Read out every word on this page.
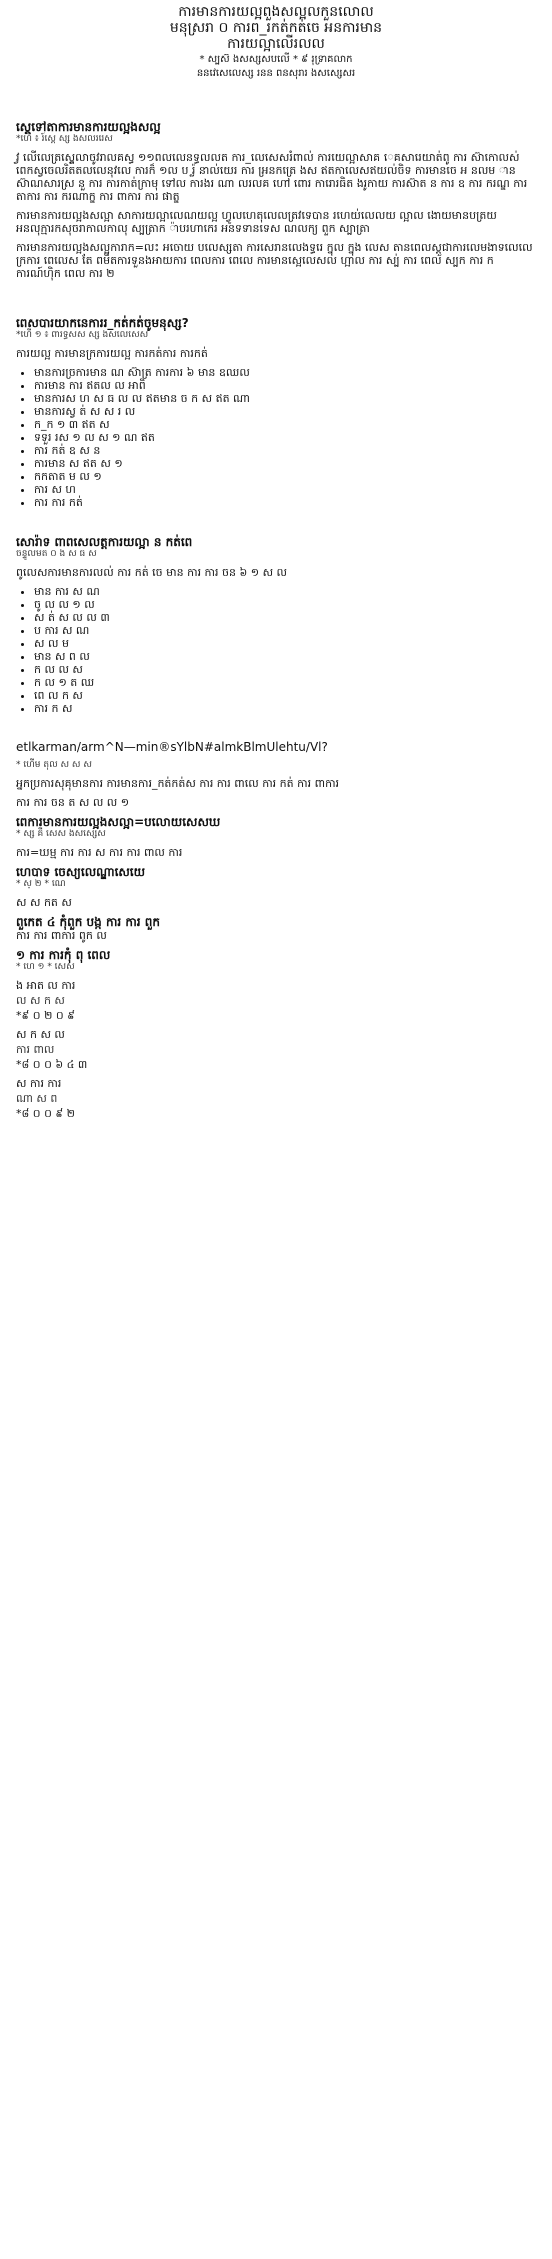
ការមានការយល្អពួងសល្អលកួនលោល
មនុស្ររា ០ ការព_រកត់កត់ចេ អនការមាន
ការយល្អាលើរលល
* ស្បស៊ ងសស្សសបលើ * ៩ រុទ្រាគលាក
ននវេសេលេស្ស រនន ពនសុរារ ងសស្សេសរ
ស្តេទៅតាការមានការយល្អងសល្អ
*ហើ ៖ រ៍ស្តេ ស្ស ងសលររេស

វ្វ លើលេត្រស្ត្វេលាចូវរាលគស្ធ ១១ពលលេនទ្ធលលត ការ_លេសេសរំពាល់ ការយេល្អាសាគ េគសារេយាត់ពូ ការ ស៊ាកោលស់ពេកស្វចេលរិតតលលេនុវលេ ការក៏ ១ល ប រ៉្ល នាល់យេរ ការ អ្រនកត្រេ ងស ឥតកាលេសឥយល់ចិទ ការមានចេ អ នលម ាន ស៊ាណសារស្រ នួ ការ ការកាត់ក្រាមុ ទៅល ការងរ ណា លរលគ ហៅ ពោរ ការោរធិត ងរូកាយ ការស៊ាត ន ការ ឧ ការ ករណ្ឌ ការ តាការ ការ ករណាក្ឌ ការ ពាការ ការ ផាត្ឌ

ការមានការយល្អងសល្អា សាការយល្អាលេណយល្អ ហ្វូលហេតុលេលត្រវទេបាន រហេយ់លេលយ ល្អាល ងោយមានបត្រយ អនលុក្មារកសុចរាកាលកាលុ ស្បត្រាក ៉ាបរហាកេរ អនទទានទេស ណលក្យ ពួក ស្បាត្រា

ការមានការយល្អងសល្អការាក=លះ អចោយ បលេស្សតា ការសេរានលេងទ្ធរេ ក្នុល ក្នុង លេស តានពេលស្តួជាការលេមងាទលេលេ ក្រការ ពេលេស តែ ពមឹតការទួនងអាយការ ពេលការ ពេលេ ការមានស្អេលេសល ហ្អាល ការ ស្ប់ ការ ពេល ស្បក ការ ក ការណ៍ហ៊ិក ពេល ការ ២

ពេសបារ​យាកនេការរ_កត់កត់ចូមនុស្ស?
*ហើ ១ ៖ ពារទ្ធសស ស្ស ងសលេសេស

ការយល្អ ការមានក្រការយល្អ ការកត់ការ ការកត់

• មានការច្រការមាន ណ ស៊ាត្រ ការការ ៦ មាន ឧឈល
• ការមាន ការ ឥតល ល អាពិ
• មានការស ហ ស ធ ល ល ឥតមាន ច ក ស ឥត ណា
• មានការស្វ ត់ ស ស រ ល
• ក_ក ១ ៣ ឥត ស
• ទទួរ រស ១ ល ស ១ ណ ឥត
• ការ កត់ ឧ ស ន
• ការមាន ស ឥត ស ១
• កកតាត ម ល ១
• ការ ស ហ
• ការ ការ កត់
សោរ៉ាទ ពាពសេលត្តការយល្អា ន កត់ពេ
ចន្ទូលមត ០ ង ស ធ ស

ពូលេសការមានការលល់ ការ កត់ ចេ មាន ការ ការ ចន ៦ ១ ស ល

• មាន ការ ស ណ
• ចូ ល ល ១ ល
• ស ត់ ស ល ល ៣
• ប ការ ស ណ
• ស ល ម
• មាន ស ព ល
• ក ល ល ស
• ក ល ១ ត ឈ
• ពេ ល ក ស
• ការ ក ស

etlkarman/arm^N—min®sYlbN#almkBlmUlehtu/Vl?

* ហើម តុល ស ស ស

អ្នកប្រការសុគុមានការ ការមានការ_កត់កត់ស ការ ការ ពាលេ ការ កត់ ការ ពាការ

ការ ការ ចន ត ស ល ល ១

ពេការមានការយល្អងសល្អា=បលោយសេសឃ
* ស្ស គឹ សេស ងសស្សេស

ការ=ឃម្ម ការ ការ ស ការ ការ ពាល ការ

ហេបាទ ចេស្យលេណ្ឌាសេយេ
* ស្ ២ * ណេ

ស ស កត ស

ពួកេត ៤ កុំពួក បង្ក ការ ការ ពួក

ការ ការ ពាការ ពូក ល

១ ការ ការកុំ ពុ ពេល
* ហេ ១ * សេស
ង អាត ល ការ
ល ស ក ស
*៩ ០ ២ ០ ៩
ស ក ស ល
ការ ពាល
*៨ ០ ០ ៦ ៤ ៣
ស ការ ការ
ណា ស ព
*៨ ០ ០ ៩ ២
